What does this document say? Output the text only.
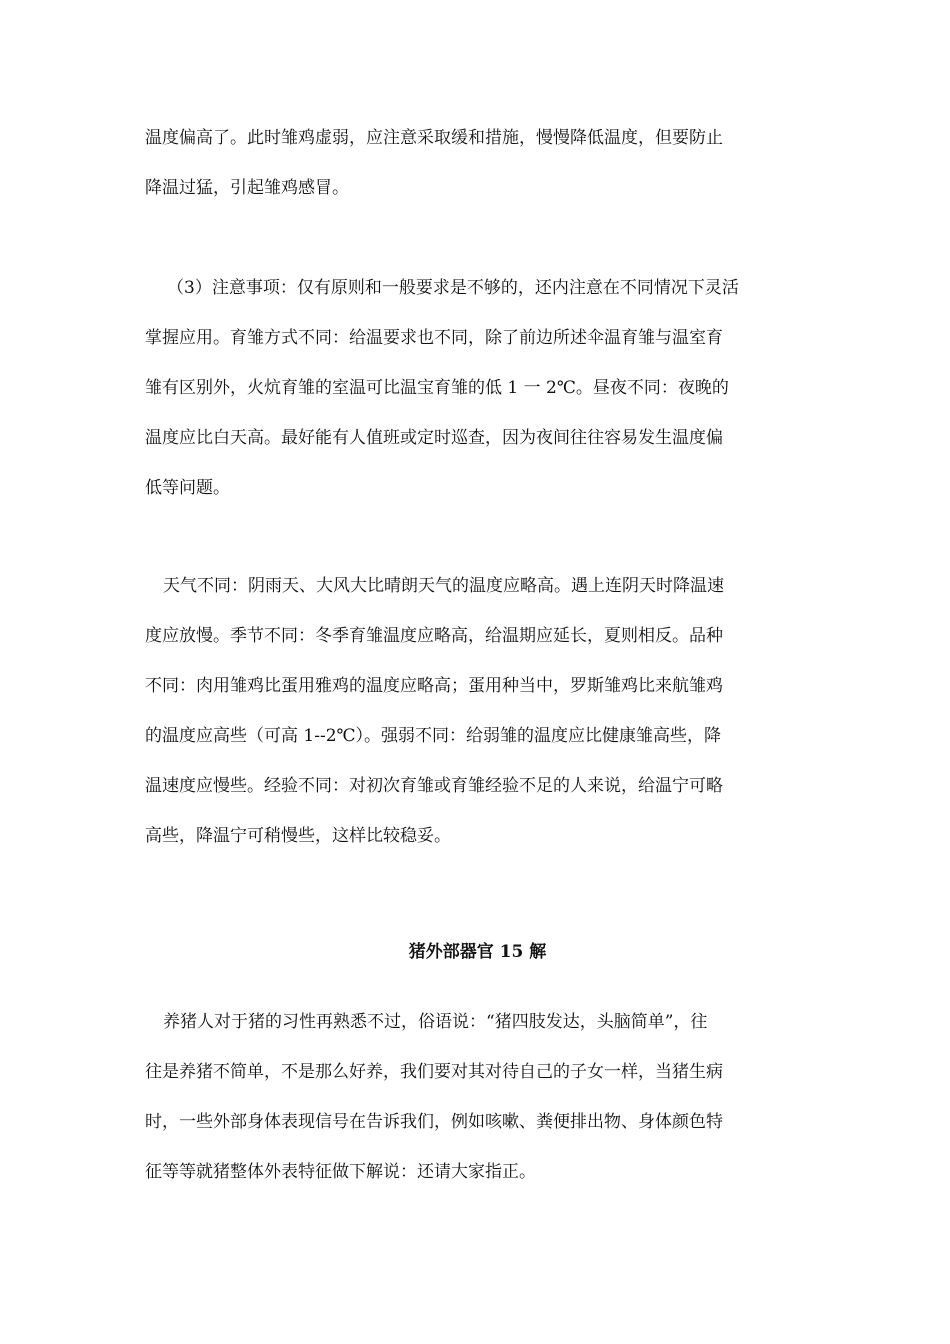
温度偏高了。此时雏鸡虚弱，应注意采取缓和措施，慢慢降低温度，但要防止
降温过猛，引起雏鸡感冒。
（3）注意事项：仅有原则和一般要求是不够的，还内注意在不同情况下灵活
掌握应用。育雏方式不同：给温要求也不同，除了前边所述伞温育雏与温室育
雏有区别外，火炕育雏的室温可比温宝育雏的低 1 一 2℃。昼夜不同：夜晚的
温度应比白天高。最好能有人值班或定时巡查，因为夜间往往容易发生温度偏
低等问题。
天气不同：阴雨天、大风大比晴朗天气的温度应略高。遇上连阴天时降温速
度应放慢。季节不同：冬季育雏温度应略高，给温期应延长，夏则相反。品种
不同：肉用雏鸡比蛋用雅鸡的温度应略高；蛋用种当中，罗斯雏鸡比来航雏鸡
的温度应高些（可高 1--2℃）。强弱不同：给弱雏的温度应比健康雏高些，降
温速度应慢些。经验不同：对初次育雏或育雏经验不足的人来说，给温宁可略
高些，降温宁可稍慢些，这样比较稳妥。
猪外部器官 15 解
养猪人对于猪的习性再熟悉不过，俗语说：“猪四肢发达，头脑简单”，往
往是养猪不简单，不是那么好养，我们要对其对待自己的子女一样，当猪生病
时，一些外部身体表现信号在告诉我们，例如咳嗽、粪便排出物、身体颜色特
征等等就猪整体外表特征做下解说：还请大家指正。
